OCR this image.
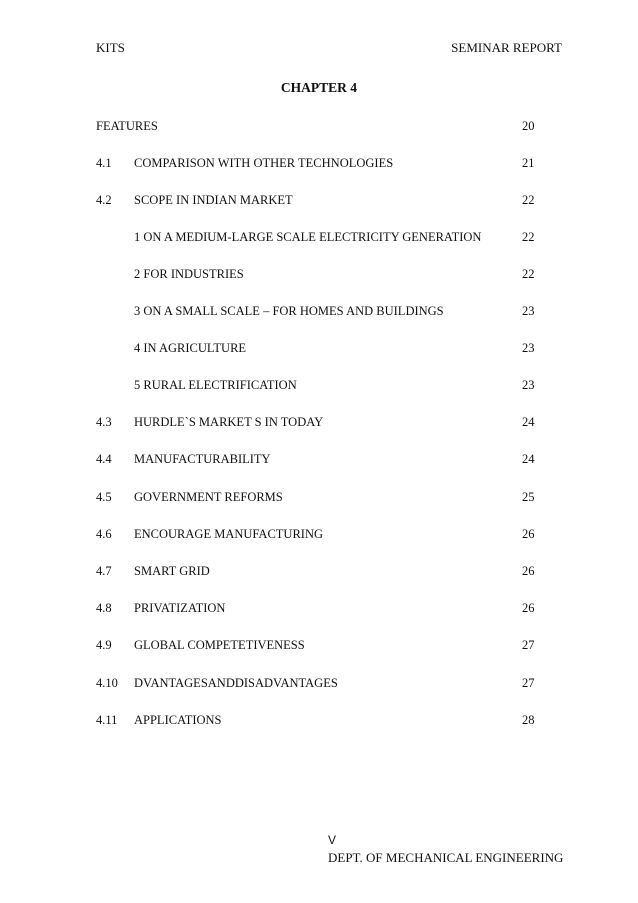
KITS	SEMINAR REPORT
CHAPTER 4
FEATURES	20
4.1 COMPARISON WITH OTHER TECHNOLOGIES	21
4.2 SCOPE IN INDIAN MARKET	22
1 ON A MEDIUM-LARGE SCALE ELECTRICITY GENERATION	22
2 FOR INDUSTRIES	22
3 ON A SMALL SCALE – FOR HOMES AND BUILDINGS	23
4 IN AGRICULTURE	23
5 RURAL ELECTRIFICATION	23
4.3 HURDLE`S MARKET S IN TODAY	24
4.4 MANUFACTURABILITY	24
4.5 GOVERNMENT REFORMS	25
4.6 ENCOURAGE MANUFACTURING	26
4.7 SMART GRID	26
4.8 PRIVATIZATION	26
4.9 GLOBAL COMPETETIVENESS	27
4.10 DVANTAGESANDDISADVANTAGES	27
4.11 APPLICATIONS	28
V
DEPT. OF MECHANICAL ENGINEERING
